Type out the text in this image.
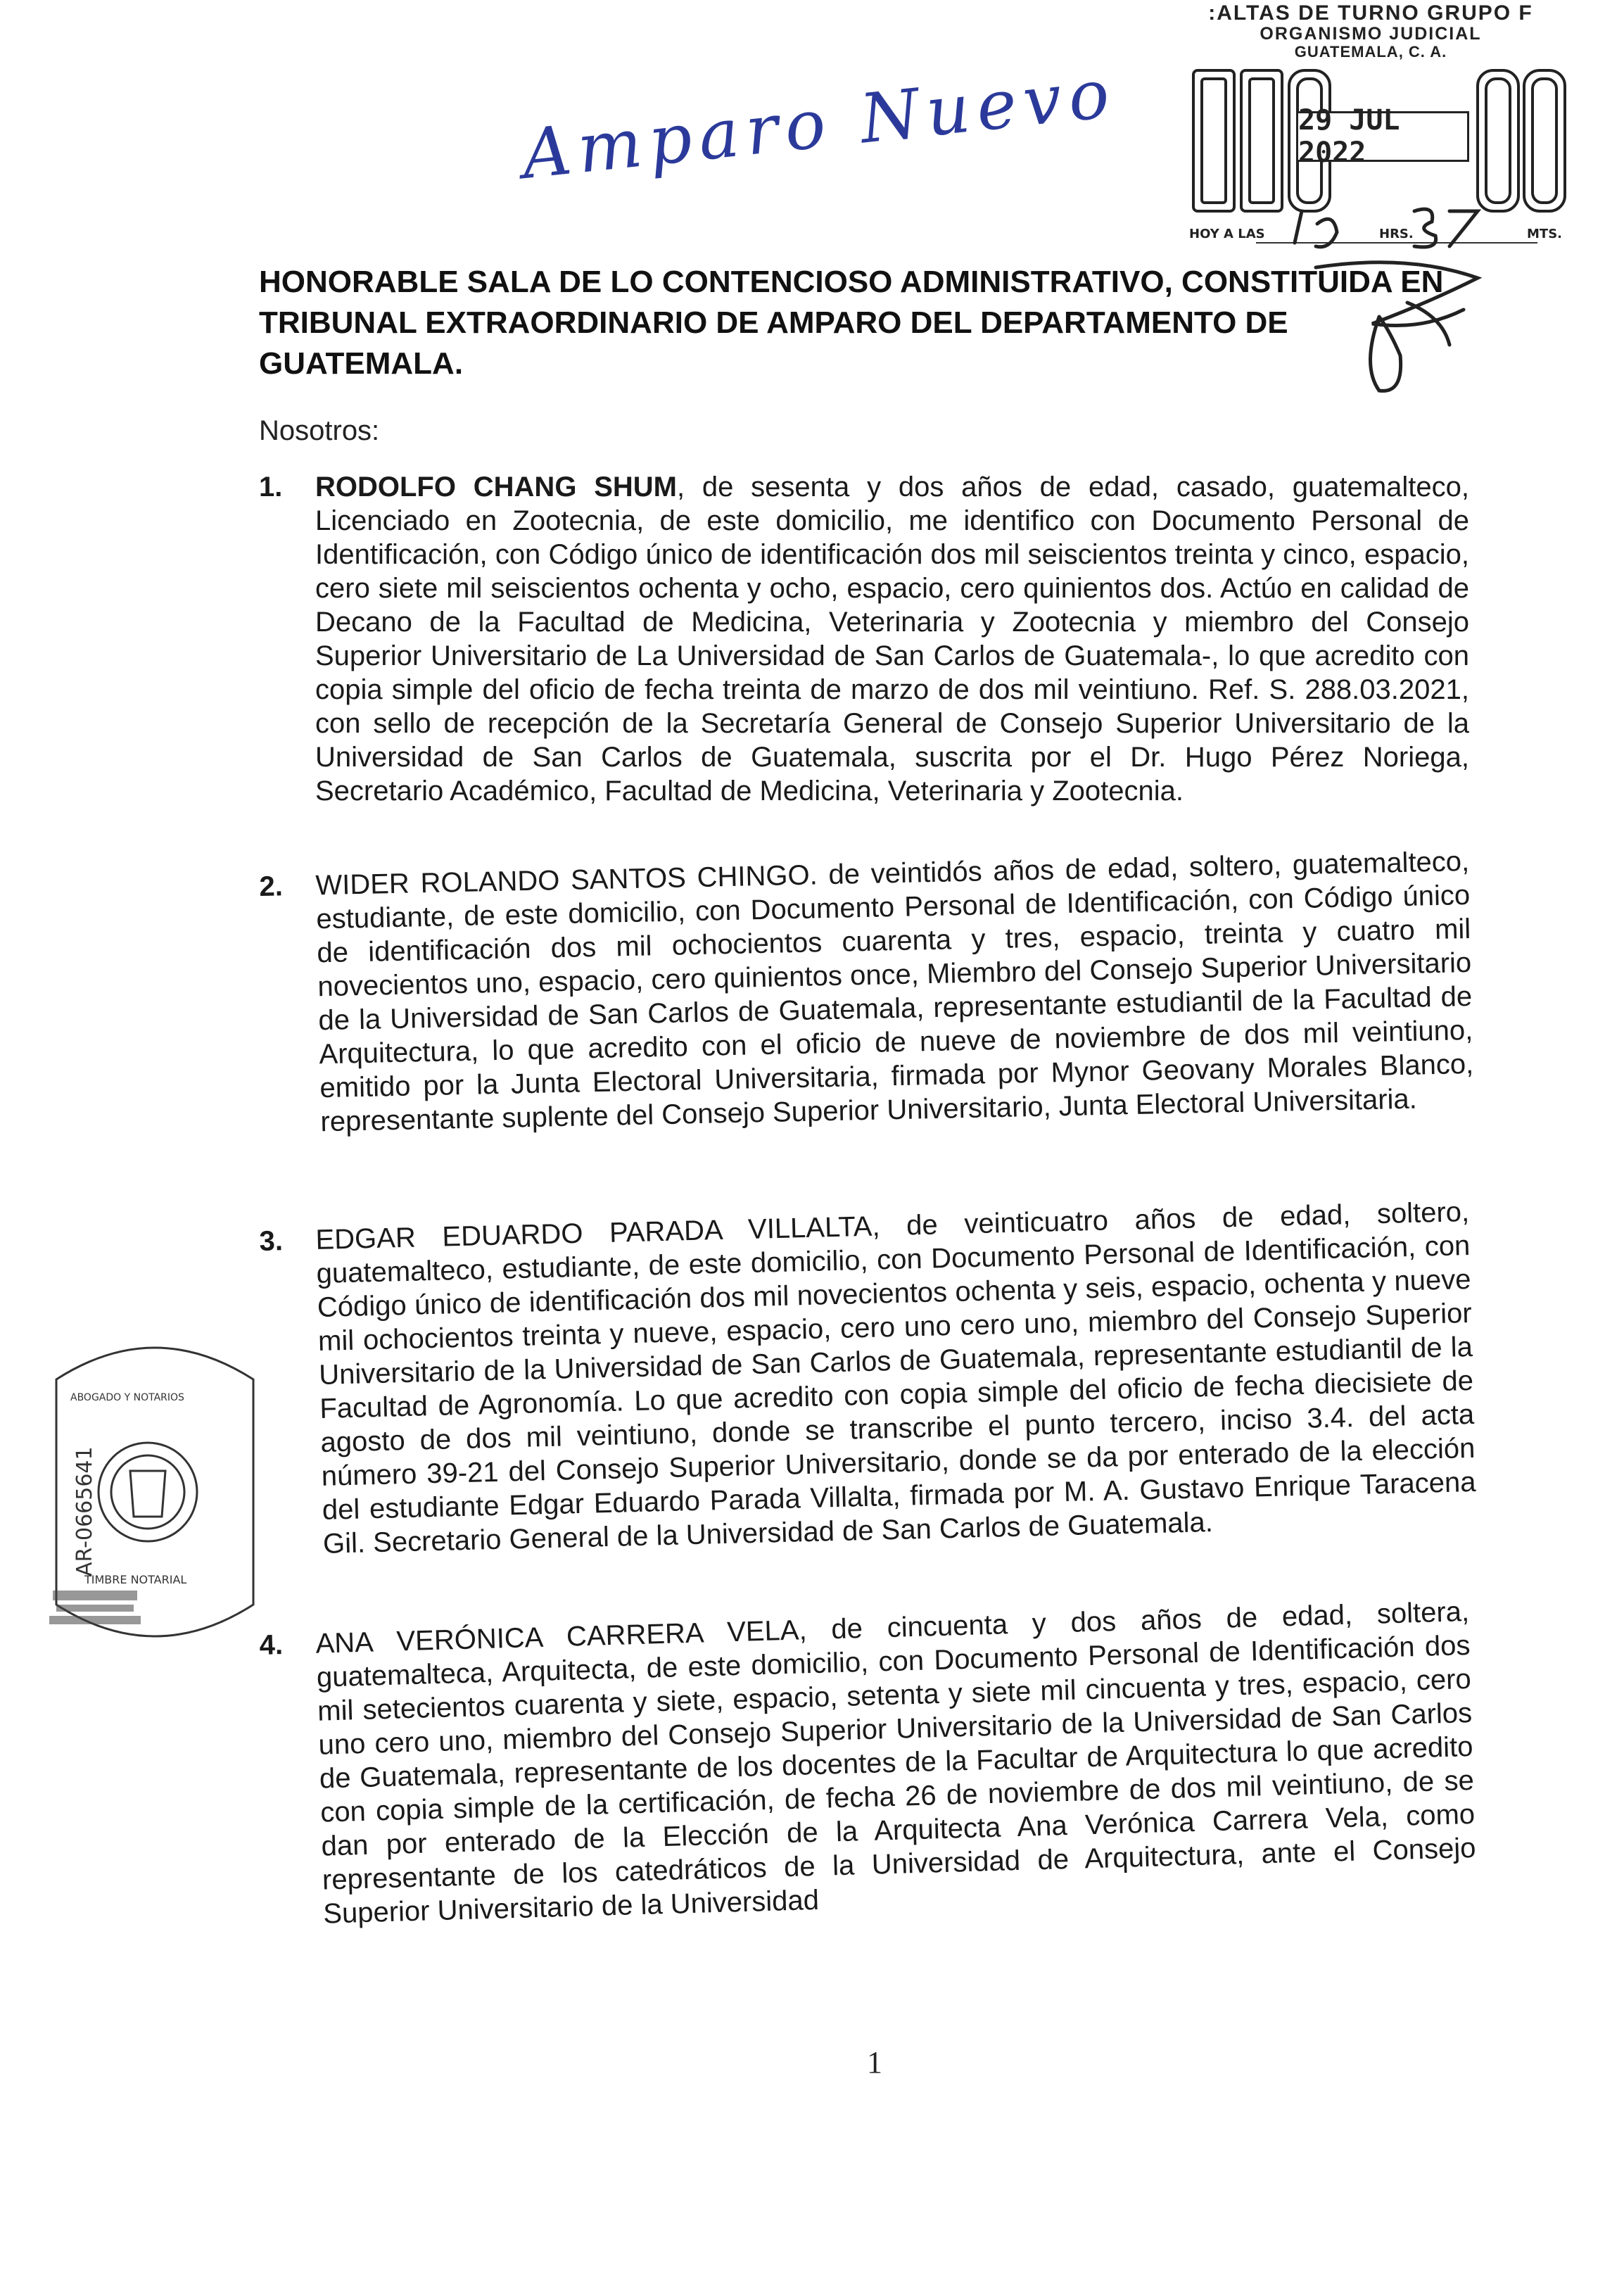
:ALTAS DE TURNO GRUPO F
ORGANISMO JUDICIAL
GUATEMALA, C. A.
29 JUL 2022
HOY A LAS	HRS.	MTS.
Amparo Nuevo
HONORABLE SALA DE LO CONTENCIOSO ADMINISTRATIVO, CONSTITUIDA EN TRIBUNAL EXTRAORDINARIO DE AMPARO DEL DEPARTAMENTO DE GUATEMALA.
Nosotros:
1. RODOLFO CHANG SHUM, de sesenta y dos años de edad, casado, guatemalteco, Licenciado en Zootecnia, de este domicilio, me identifico con Documento Personal de Identificación, con Código único de identificación dos mil seiscientos treinta y cinco, espacio, cero siete mil seiscientos ochenta y ocho, espacio, cero quinientos dos. Actúo en calidad de Decano de la Facultad de Medicina, Veterinaria y Zootecnia y miembro del Consejo Superior Universitario de La Universidad de San Carlos de Guatemala-, lo que acredito con copia simple del oficio de fecha treinta de marzo de dos mil veintiuno. Ref. S. 288.03.2021, con sello de recepción de la Secretaría General de Consejo Superior Universitario de la Universidad de San Carlos de Guatemala, suscrita por el Dr. Hugo Pérez Noriega, Secretario Académico, Facultad de Medicina, Veterinaria y Zootecnia.
2. WIDER ROLANDO SANTOS CHINGO. de veintidós años de edad, soltero, guatemalteco, estudiante, de este domicilio, con Documento Personal de Identificación, con Código único de identificación dos mil ochocientos cuarenta y tres, espacio, treinta y cuatro mil novecientos uno, espacio, cero quinientos once, Miembro del Consejo Superior Universitario de la Universidad de San Carlos de Guatemala, representante estudiantil de la Facultad de Arquitectura, lo que acredito con el oficio de nueve de noviembre de dos mil veintiuno, emitido por la Junta Electoral Universitaria, firmada por Mynor Geovany Morales Blanco, representante suplente del Consejo Superior Universitario, Junta Electoral Universitaria.
3. EDGAR EDUARDO PARADA VILLALTA, de veinticuatro años de edad, soltero, guatemalteco, estudiante, de este domicilio, con Documento Personal de Identificación, con Código único de identificación dos mil novecientos ochenta y seis, espacio, ochenta y nueve mil ochocientos treinta y nueve, espacio, cero uno cero uno, miembro del Consejo Superior Universitario de la Universidad de San Carlos de Guatemala, representante estudiantil de la Facultad de Agronomía. Lo que acredito con copia simple del oficio de fecha diecisiete de agosto de dos mil veintiuno, donde se transcribe el punto tercero, inciso 3.4. del acta número 39-21 del Consejo Superior Universitario, donde se da por enterado de la elección del estudiante Edgar Eduardo Parada Villalta, firmada por M. A. Gustavo Enrique Taracena Gil. Secretario General de la Universidad de San Carlos de Guatemala.
4. ANA VERÓNICA CARRERA VELA, de cincuenta y dos años de edad, soltera, guatemalteca, Arquitecta, de este domicilio, con Documento Personal de Identificación dos mil setecientos cuarenta y siete, espacio, setenta y siete mil cincuenta y tres, espacio, cero uno cero uno, miembro del Consejo Superior Universitario de la Universidad de San Carlos de Guatemala, representante de los docentes de la Facultar de Arquitectura lo que acredito con copia simple de la certificación, de fecha 26 de noviembre de dos mil veintiuno, de se dan por enterado de la Elección de la Arquitecta Ana Verónica Carrera Vela, como representante de los catedráticos de la Universidad de Arquitectura, ante el Consejo Superior Universitario de la Universidad
ABOGADO Y NOTARIOS
AR-0665641
TIMBRE NOTARIAL
1
